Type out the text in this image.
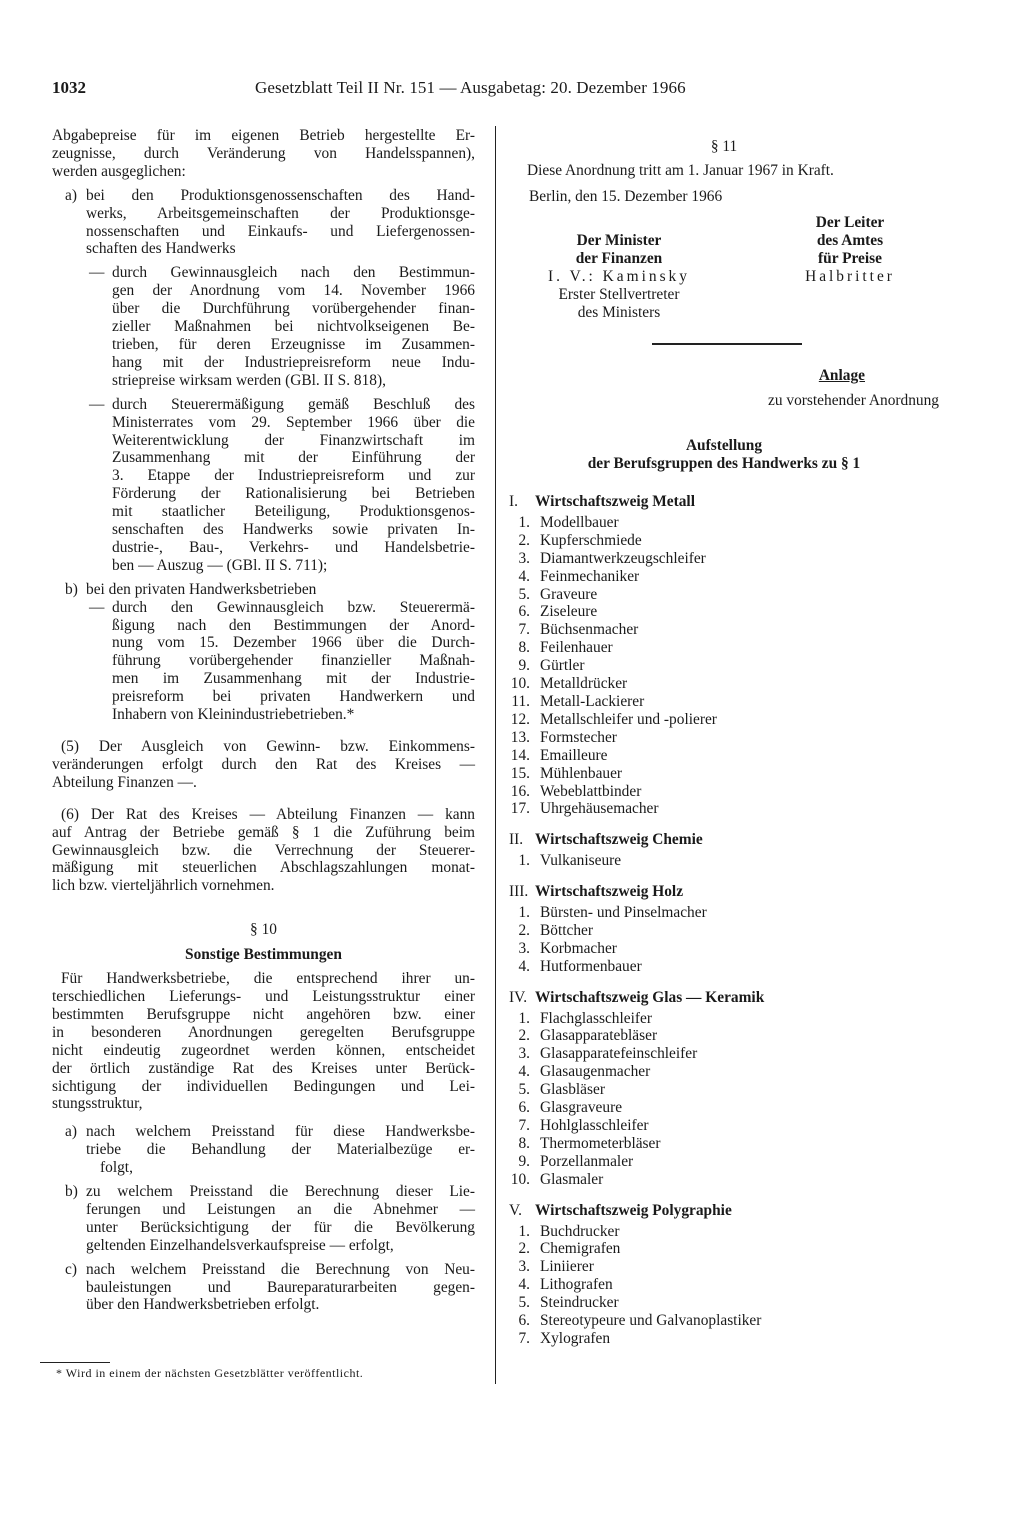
1032	Gesetzblatt Teil II Nr. 151 — Ausgabetag: 20. Dezember 1966
Abgabepreise für im eigenen Betrieb hergestellte Er-
zeugnisse, durch Veränderung von Handelsspannen),
werden ausgeglichen:
a) bei den Produktionsgenossenschaften des Hand-
werks, Arbeitsgemeinschaften der Produktionsge-
nossenschaften und Einkaufs- und Liefergenossen-
schaften des Handwerks
— durch Gewinnausgleich nach den Bestimmun-
gen der Anordnung vom 14. November 1966
über die Durchführung vorübergehender finan-
zieller Maßnahmen bei nichtvolkseigenen Be-
trieben, für deren Erzeugnisse im Zusammen-
hang mit der Industriepreisreform neue Indu-
striepreise wirksam werden (GBl. II S. 818),
— durch Steuerermäßigung gemäß Beschluß des
Ministerrates vom 29. September 1966 über die
Weiterentwicklung der Finanzwirtschaft im
Zusammenhang mit der Einführung der
3. Etappe der Industriepreisreform und zur
Förderung der Rationalisierung bei Betrieben
mit staatlicher Beteiligung, Produktionsgenos-
senschaften des Handwerks sowie privaten In-
dustrie-, Bau-, Verkehrs- und Handelsbetrie-
ben — Auszug — (GBl. II S. 711);
b) bei den privaten Handwerksbetrieben
— durch den Gewinnausgleich bzw. Steuerermä-
ßigung nach den Bestimmungen der Anord-
nung vom 15. Dezember 1966 über die Durch-
führung vorübergehender finanzieller Maßnah-
men im Zusammenhang mit der Industrie-
preisreform bei privaten Handwerkern und
Inhabern von Kleinindustriebetrieben.*
(5) Der Ausgleich von Gewinn- bzw. Einkommens-
veränderungen erfolgt durch den Rat des Kreises —
Abteilung Finanzen —.
(6) Der Rat des Kreises — Abteilung Finanzen — kann
auf Antrag der Betriebe gemäß § 1 die Zuführung beim
Gewinnausgleich bzw. die Verrechnung der Steuerer-
mäßigung mit steuerlichen Abschlagszahlungen monat-
lich bzw. vierteljährlich vornehmen.
§ 10
Sonstige Bestimmungen
Für Handwerksbetriebe, die entsprechend ihrer un-
terschiedlichen Lieferungs- und Leistungsstruktur einer
bestimmten Berufsgruppe nicht angehören bzw. einer
in besonderen Anordnungen geregelten Berufsgruppe
nicht eindeutig zugeordnet werden können, entscheidet
der örtlich zuständige Rat des Kreises unter Berück-
sichtigung der individuellen Bedingungen und Lei-
stungsstruktur,
a) nach welchem Preisstand für diese Handwerksbe-
triebe die Behandlung der Materialbezüge er-
folgt,
b) zu welchem Preisstand die Berechnung dieser Lie-
ferungen und Leistungen an die Abnehmer —
unter Berücksichtigung der für die Bevölkerung
geltenden Einzelhandelsverkaufspreise — erfolgt,
c) nach welchem Preisstand die Berechnung von Neu-
bauleistungen und Baureparaturarbeiten gegen-
über den Handwerksbetrieben erfolgt.
* Wird in einem der nächsten Gesetzblätter veröffentlicht.
§ 11
Diese Anordnung tritt am 1. Januar 1967 in Kraft.
Berlin, den 15. Dezember 1966
Der Minister
der Finanzen
I. V.: Kaminsky
Erster Stellvertreter
des Ministers
Der Leiter
des Amtes
für Preise
Halbritter
Anlage
zu vorstehender Anordnung
Aufstellung
der Berufsgruppen des Handwerks zu § 1
I. Wirtschaftszweig Metall
1. Modellbauer
2. Kupferschmiede
3. Diamantwerkzeugschleifer
4. Feinmechaniker
5. Graveure
6. Ziseleure
7. Büchsenmacher
8. Feilenhauer
9. Gürtler
10. Metalldrücker
11. Metall-Lackierer
12. Metallschleifer und -polierer
13. Formstecher
14. Emailleure
15. Mühlenbauer
16. Webeblattbinder
17. Uhrgehäusemacher
II. Wirtschaftszweig Chemie
1. Vulkaniseure
III. Wirtschaftszweig Holz
1. Bürsten- und Pinselmacher
2. Böttcher
3. Korbmacher
4. Hutformenbauer
IV. Wirtschaftszweig Glas — Keramik
1. Flachglasschleifer
2. Glasapparatebläser
3. Glasapparatefeinschleifer
4. Glasaugenmacher
5. Glasbläser
6. Glasgraveure
7. Hohlglasschleifer
8. Thermometerbläser
9. Porzellanmaler
10. Glasmaler
V. Wirtschaftszweig Polygraphie
1. Buchdrucker
2. Chemigrafen
3. Liniierer
4. Lithografen
5. Steindrucker
6. Stereotypeure und Galvanoplastiker
7. Xylografen
